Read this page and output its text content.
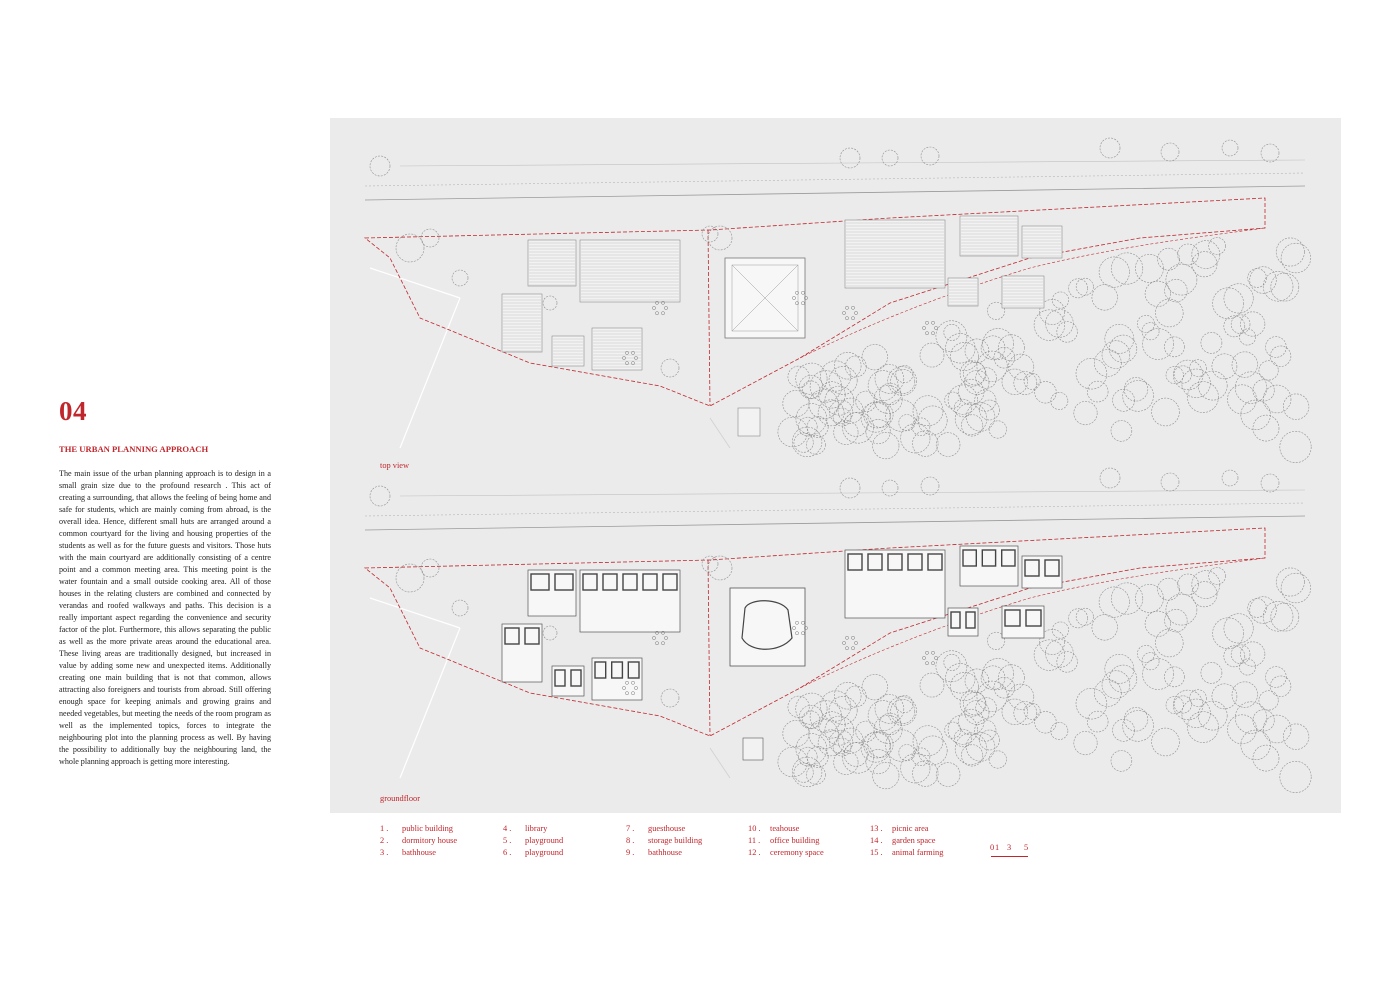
04
THE URBAN PLANNING APPROACH

The main issue of the urban planning approach is to design in a small grain size due to the profound research . This act of creating a surrounding, that allows the feeling of being home and safe for students, which are mainly coming from abroad, is the overall idea. Hence, different small huts are arranged around a common courtyard for the living and housing properties of the students as well as for the future guests and visitors. Those huts with the main courtyard are additionally consisting of a centre point and a common meeting area. This meeting point is the water fountain and a small outside cooking area. All of those houses in the relating clusters are combined and connected by verandas and roofed walkways and paths. This decision is a really important aspect regarding the convenience and security factor of the plot. Furthermore, this allows separating the public as well as the more private areas around the educational area. These living areas are traditionally designed, but increased in value by adding some new and unexpected items. Additionally creating one main building that is not that common, allows attracting also foreigners and tourists from abroad. Still offering enough space for keeping animals and growing grains and needed vegetables, but meeting the needs of the room program as well as the implemented topics, forces to integrate the neighbouring plot into the planning process as well. By having the possibility to additionally buy the neighbouring land, the whole planning approach is getting more interesting.

top view
groundfloor
1 . public building
2 . dormitory house
3 . bathhouse
4 . library
5 . playground
6 . playground
7 . guesthouse
8 . storage building
9 . bathhouse
10 . teahouse
11 . office building
12 . ceremony space
13 . picnic area
14 . garden space
15 . animal farming
0 1 3 5
